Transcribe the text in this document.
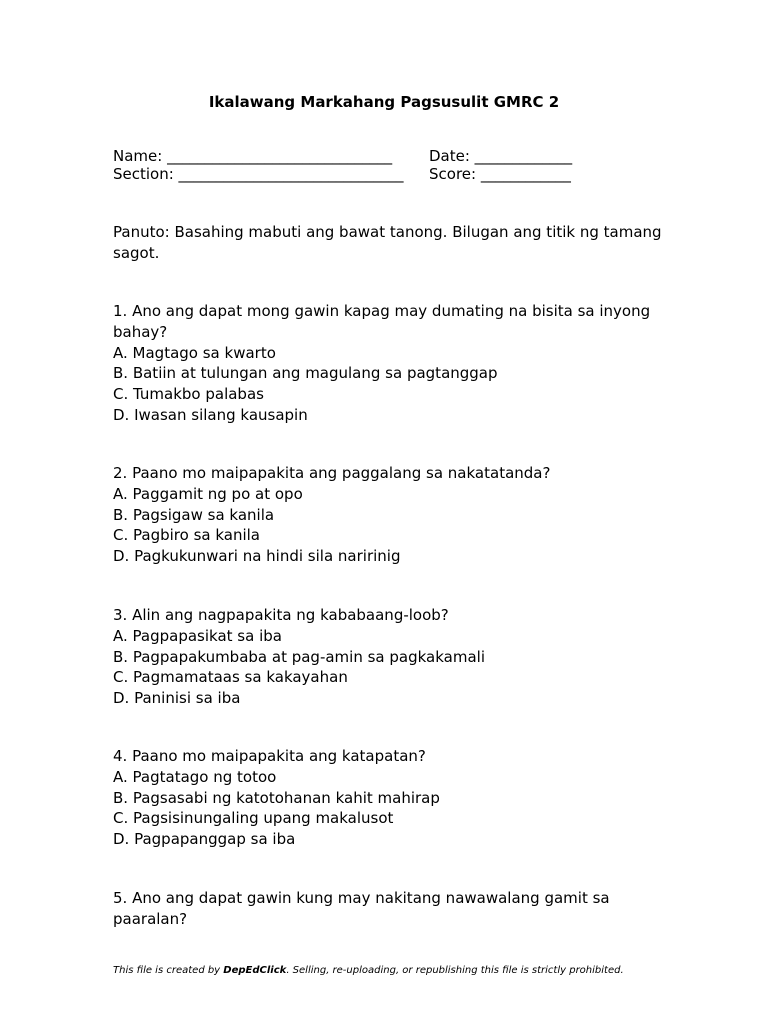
Ikalawang Markahang Pagsusulit GMRC 2
Name: ______________________________ Date: _____________
Section: ______________________________ Score: ____________
Panuto: Basahing mabuti ang bawat tanong. Bilugan ang titik ng tamang sagot.
1. Ano ang dapat mong gawin kapag may dumating na bisita sa inyong bahay?
A. Magtago sa kwarto
B. Batiin at tulungan ang magulang sa pagtanggap
C. Tumakbo palabas
D. Iwasan silang kausapin
2. Paano mo maipapakita ang paggalang sa nakatatanda?
A. Paggamit ng po at opo
B. Pagsigaw sa kanila
C. Pagbiro sa kanila
D. Pagkukunwari na hindi sila naririnig
3. Alin ang nagpapakita ng kababaang-loob?
A. Pagpapasikat sa iba
B. Pagpapakumbaba at pag-amin sa pagkakamali
C. Pagmamataas sa kakayahan
D. Paninisi sa iba
4. Paano mo maipapakita ang katapatan?
A. Pagtatago ng totoo
B. Pagsasabi ng katotohanan kahit mahirap
C. Pagsisinungaling upang makalusot
D. Pagpapanggap sa iba
5. Ano ang dapat gawin kung may nakitang nawawalang gamit sa paaralan?
This file is created by DepEdClick. Selling, re-uploading, or republishing this file is strictly prohibited.
